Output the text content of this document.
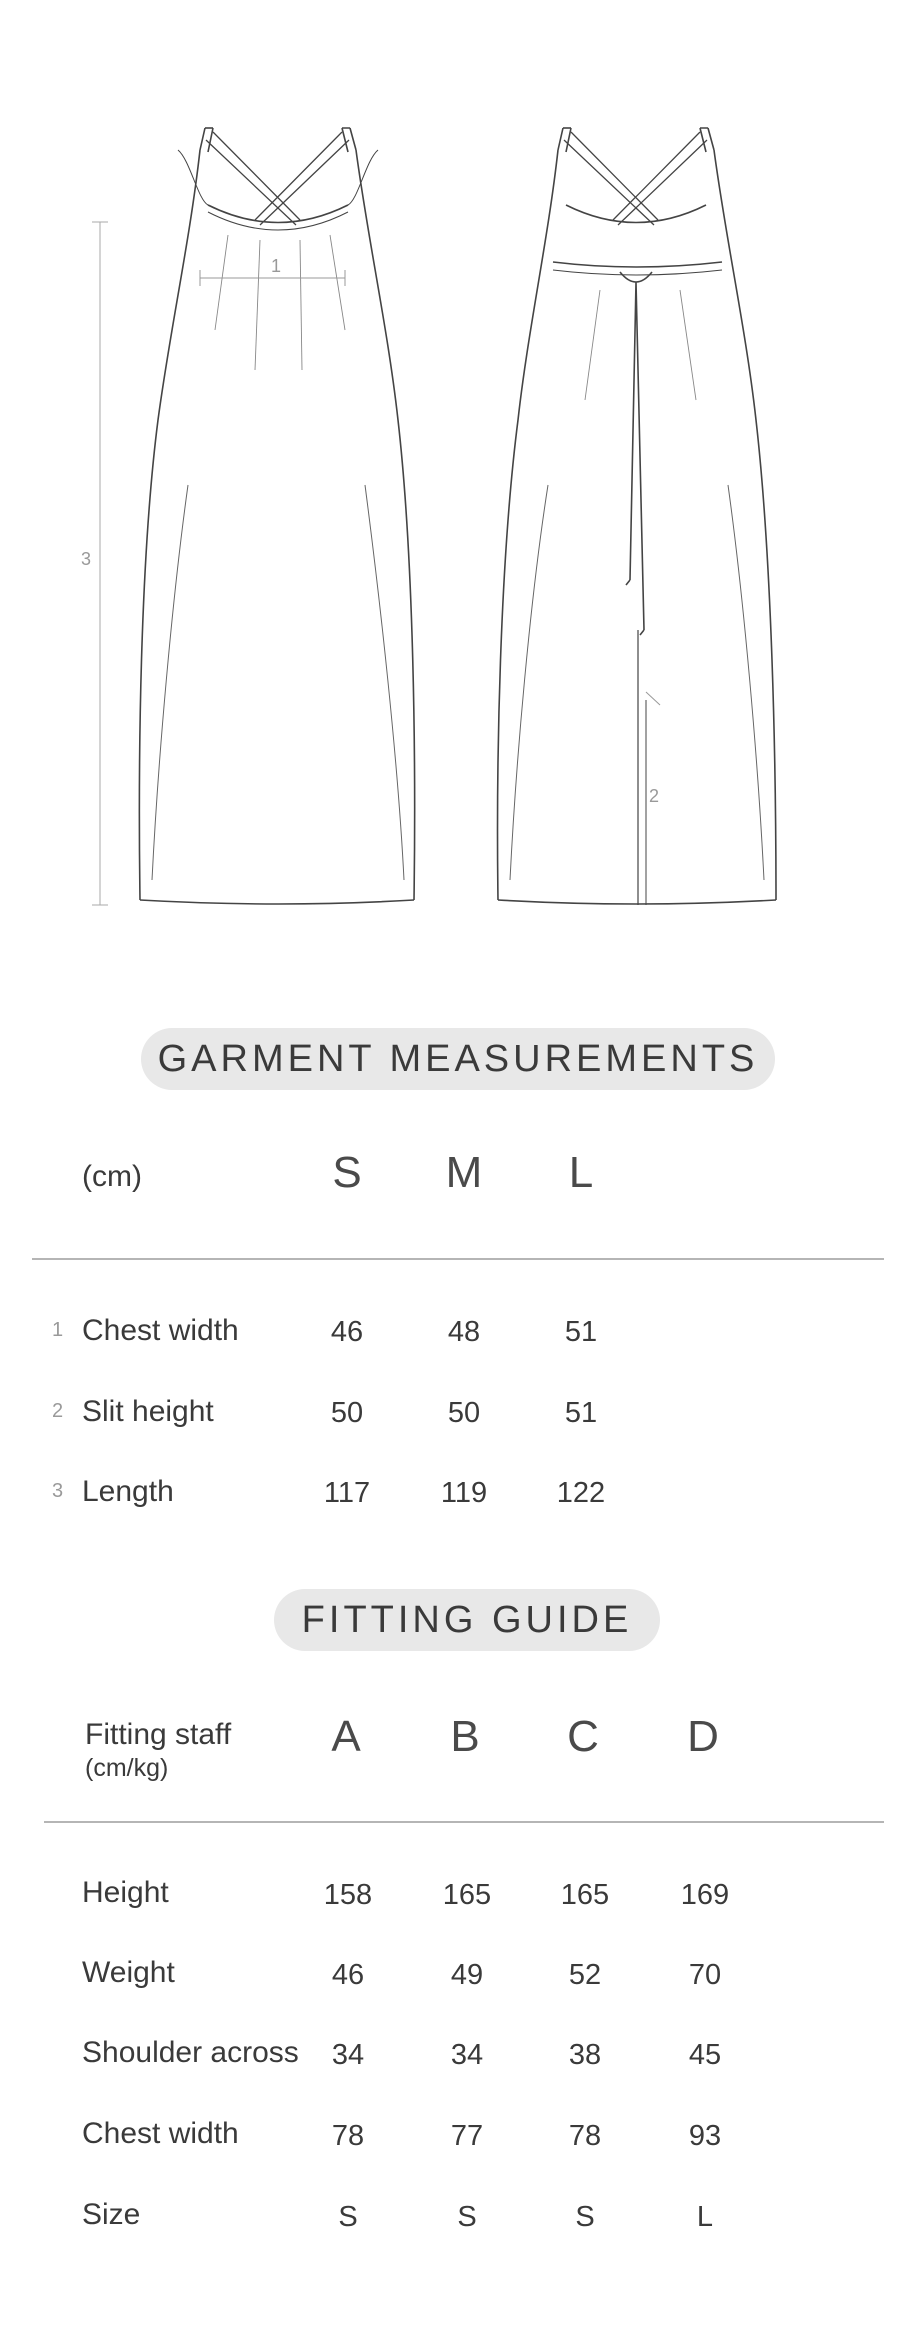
1
3
2
GARMENT MEASUREMENTS
(cm)	S	M	L
1 Chest width	46	48	51
2 Slit height	50	50	51
3 Length	117	119	122
FITTING GUIDE
Fitting staff
(cm/kg)
A	B	C	D
Height	158	165	165	169
Weight	46	49	52	70
Shoulder across	34	34	38	45
Chest width	78	77	78	93
Size	S	S	S	L
